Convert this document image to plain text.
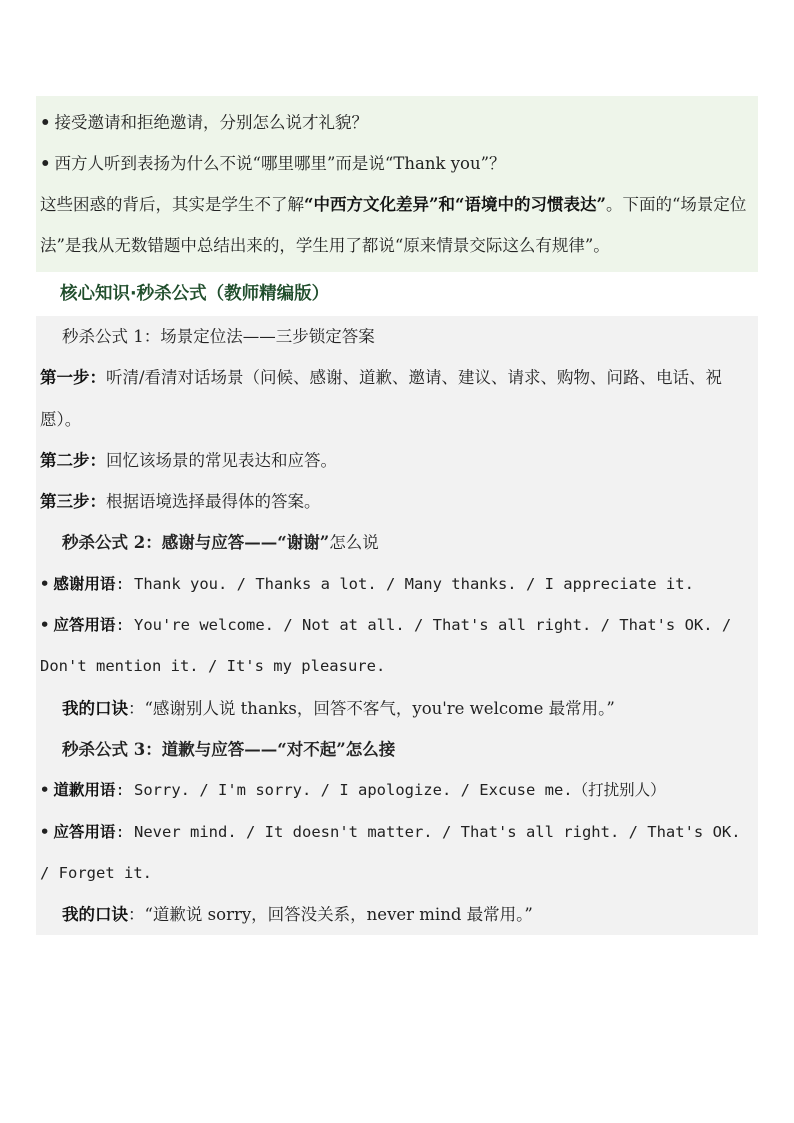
• 接受邀请和拒绝邀请，分别怎么说才礼貌？
• 西方人听到表扬为什么不说“哪里哪里”而是说“Thank you”？
这些困惑的背后，其实是学生不了解“中西方文化差异”和“语境中的习惯表达”。下面的“场景定位法”是我从无数错题中总结出来的，学生用了都说“原来情景交际这么有规律”。
核心知识·秒杀公式（教师精编版）
秒杀公式 1：场景定位法——三步锁定答案
第一步：听清/看清对话场景（问候、感谢、道歉、邀请、建议、请求、购物、问路、电话、祝愿）。
第二步：回忆该场景的常见表达和应答。
第三步：根据语境选择最得体的答案。
秒杀公式 2：感谢与应答——“谢谢”怎么说
• 感谢用语: Thank you. / Thanks a lot. / Many thanks. / I appreciate it.
• 应答用语: You're welcome. / Not at all. / That's all right. / That's OK. / Don't mention it. / It's my pleasure.
我的口诀：“感谢别人说 thanks，回答不客气，you're welcome 最常用。”
秒杀公式 3：道歉与应答——“对不起”怎么接
• 道歉用语: Sorry. / I'm sorry. / I apologize. / Excuse me.（打扰别人）
• 应答用语: Never mind. / It doesn't matter. / That's all right. / That's OK. / Forget it.
我的口诀：“道歉说 sorry，回答没关系，never mind 最常用。”
